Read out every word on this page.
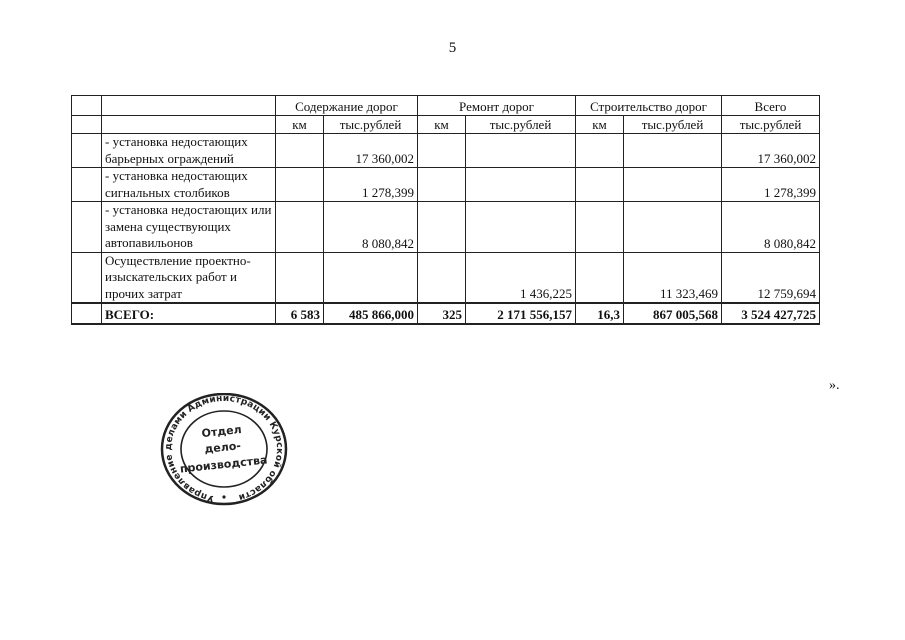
5
		Содержание дорог		Ремонт дорог		Строительство дорог		Всего
		км	тыс.рублей	км	тыс.рублей	км	тыс.рублей	тыс.рублей
	- установка недостающих барьерных ограждений		17 360,002					17 360,002
	- установка недостающих сигнальных столбиков		1 278,399					1 278,399
	- установка недостающих или замена существующих автопавильонов		8 080,842					8 080,842
	Осуществление проектно-изыскательских работ и прочих затрат				1 436,225		11 323,469	12 759,694
	ВСЕГО:	6 583	485 866,000	325	2 171 556,157	16,3	867 005,568	3 524 427,725
».
Управление делами Администрации Курской области
Отдел
дело-
производства
